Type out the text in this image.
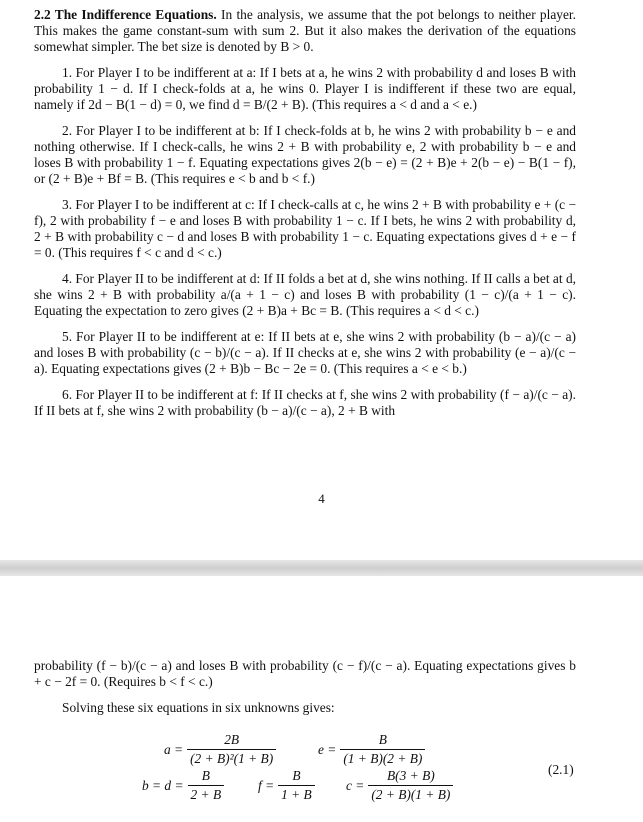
2.2 The Indifference Equations. In the analysis, we assume that the pot belongs to neither player. This makes the game constant-sum with sum 2. But it also makes the derivation of the equations somewhat simpler. The bet size is denoted by B > 0.

1. For Player I to be indifferent at a: If I bets at a, he wins 2 with probability d and loses B with probability 1 − d. If I check-folds at a, he wins 0. Player I is indifferent if these two are equal, namely if 2d − B(1 − d) = 0, we find d = B/(2 + B). (This requires a < d and a < e.)

2. For Player I to be indifferent at b: If I check-folds at b, he wins 2 with probability b − e and nothing otherwise. If I check-calls, he wins 2 + B with probability e, 2 with probability b − e and loses B with probability 1 − f. Equating expectations gives 2(b − e) = (2 + B)e + 2(b − e) − B(1 − f), or (2 + B)e + Bf = B. (This requires e < b and b < f.)

3. For Player I to be indifferent at c: If I check-calls at c, he wins 2 + B with probability e + (c − f), 2 with probability f − e and loses B with probability 1 − c. If I bets, he wins 2 with probability d, 2 + B with probability c − d and loses B with probability 1 − c. Equating expectations gives d + e − f = 0. (This requires f < c and d < c.)

4. For Player II to be indifferent at d: If II folds a bet at d, she wins nothing. If II calls a bet at d, she wins 2 + B with probability a/(a + 1 − c) and loses B with probability (1 − c)/(a + 1 − c). Equating the expectation to zero gives (2 + B)a + Bc = B. (This requires a < d < c.)

5. For Player II to be indifferent at e: If II bets at e, she wins 2 with probability (b − a)/(c − a) and loses B with probability (c − b)/(c − a). If II checks at e, she wins 2 with probability (e − a)/(c − a). Equating expectations gives (2 + B)b − Bc − 2e = 0. (This requires a < e < b.)

6. For Player II to be indifferent at f: If II checks at f, she wins 2 with probability (f − a)/(c − a). If II bets at f, she wins 2 with probability (b − a)/(c − a), 2 + B with

4

probability (f − b)/(c − a) and loses B with probability (c − f)/(c − a). Equating expectations gives b + c − 2f = 0. (Requires b < f < c.)

Solving these six equations in six unknowns gives:

$a = \frac{2B}{\text{(2 + B)²(1 + B)}}$	$e = \frac{B}{(1 + B)(2 + B)}$
$b = d = \frac{B}{2 + B}$	$f = \frac{B}{1 + B}$ $c = \frac{B(3 + B)}{(2 + B)(1 + B)}$	(2.1)
